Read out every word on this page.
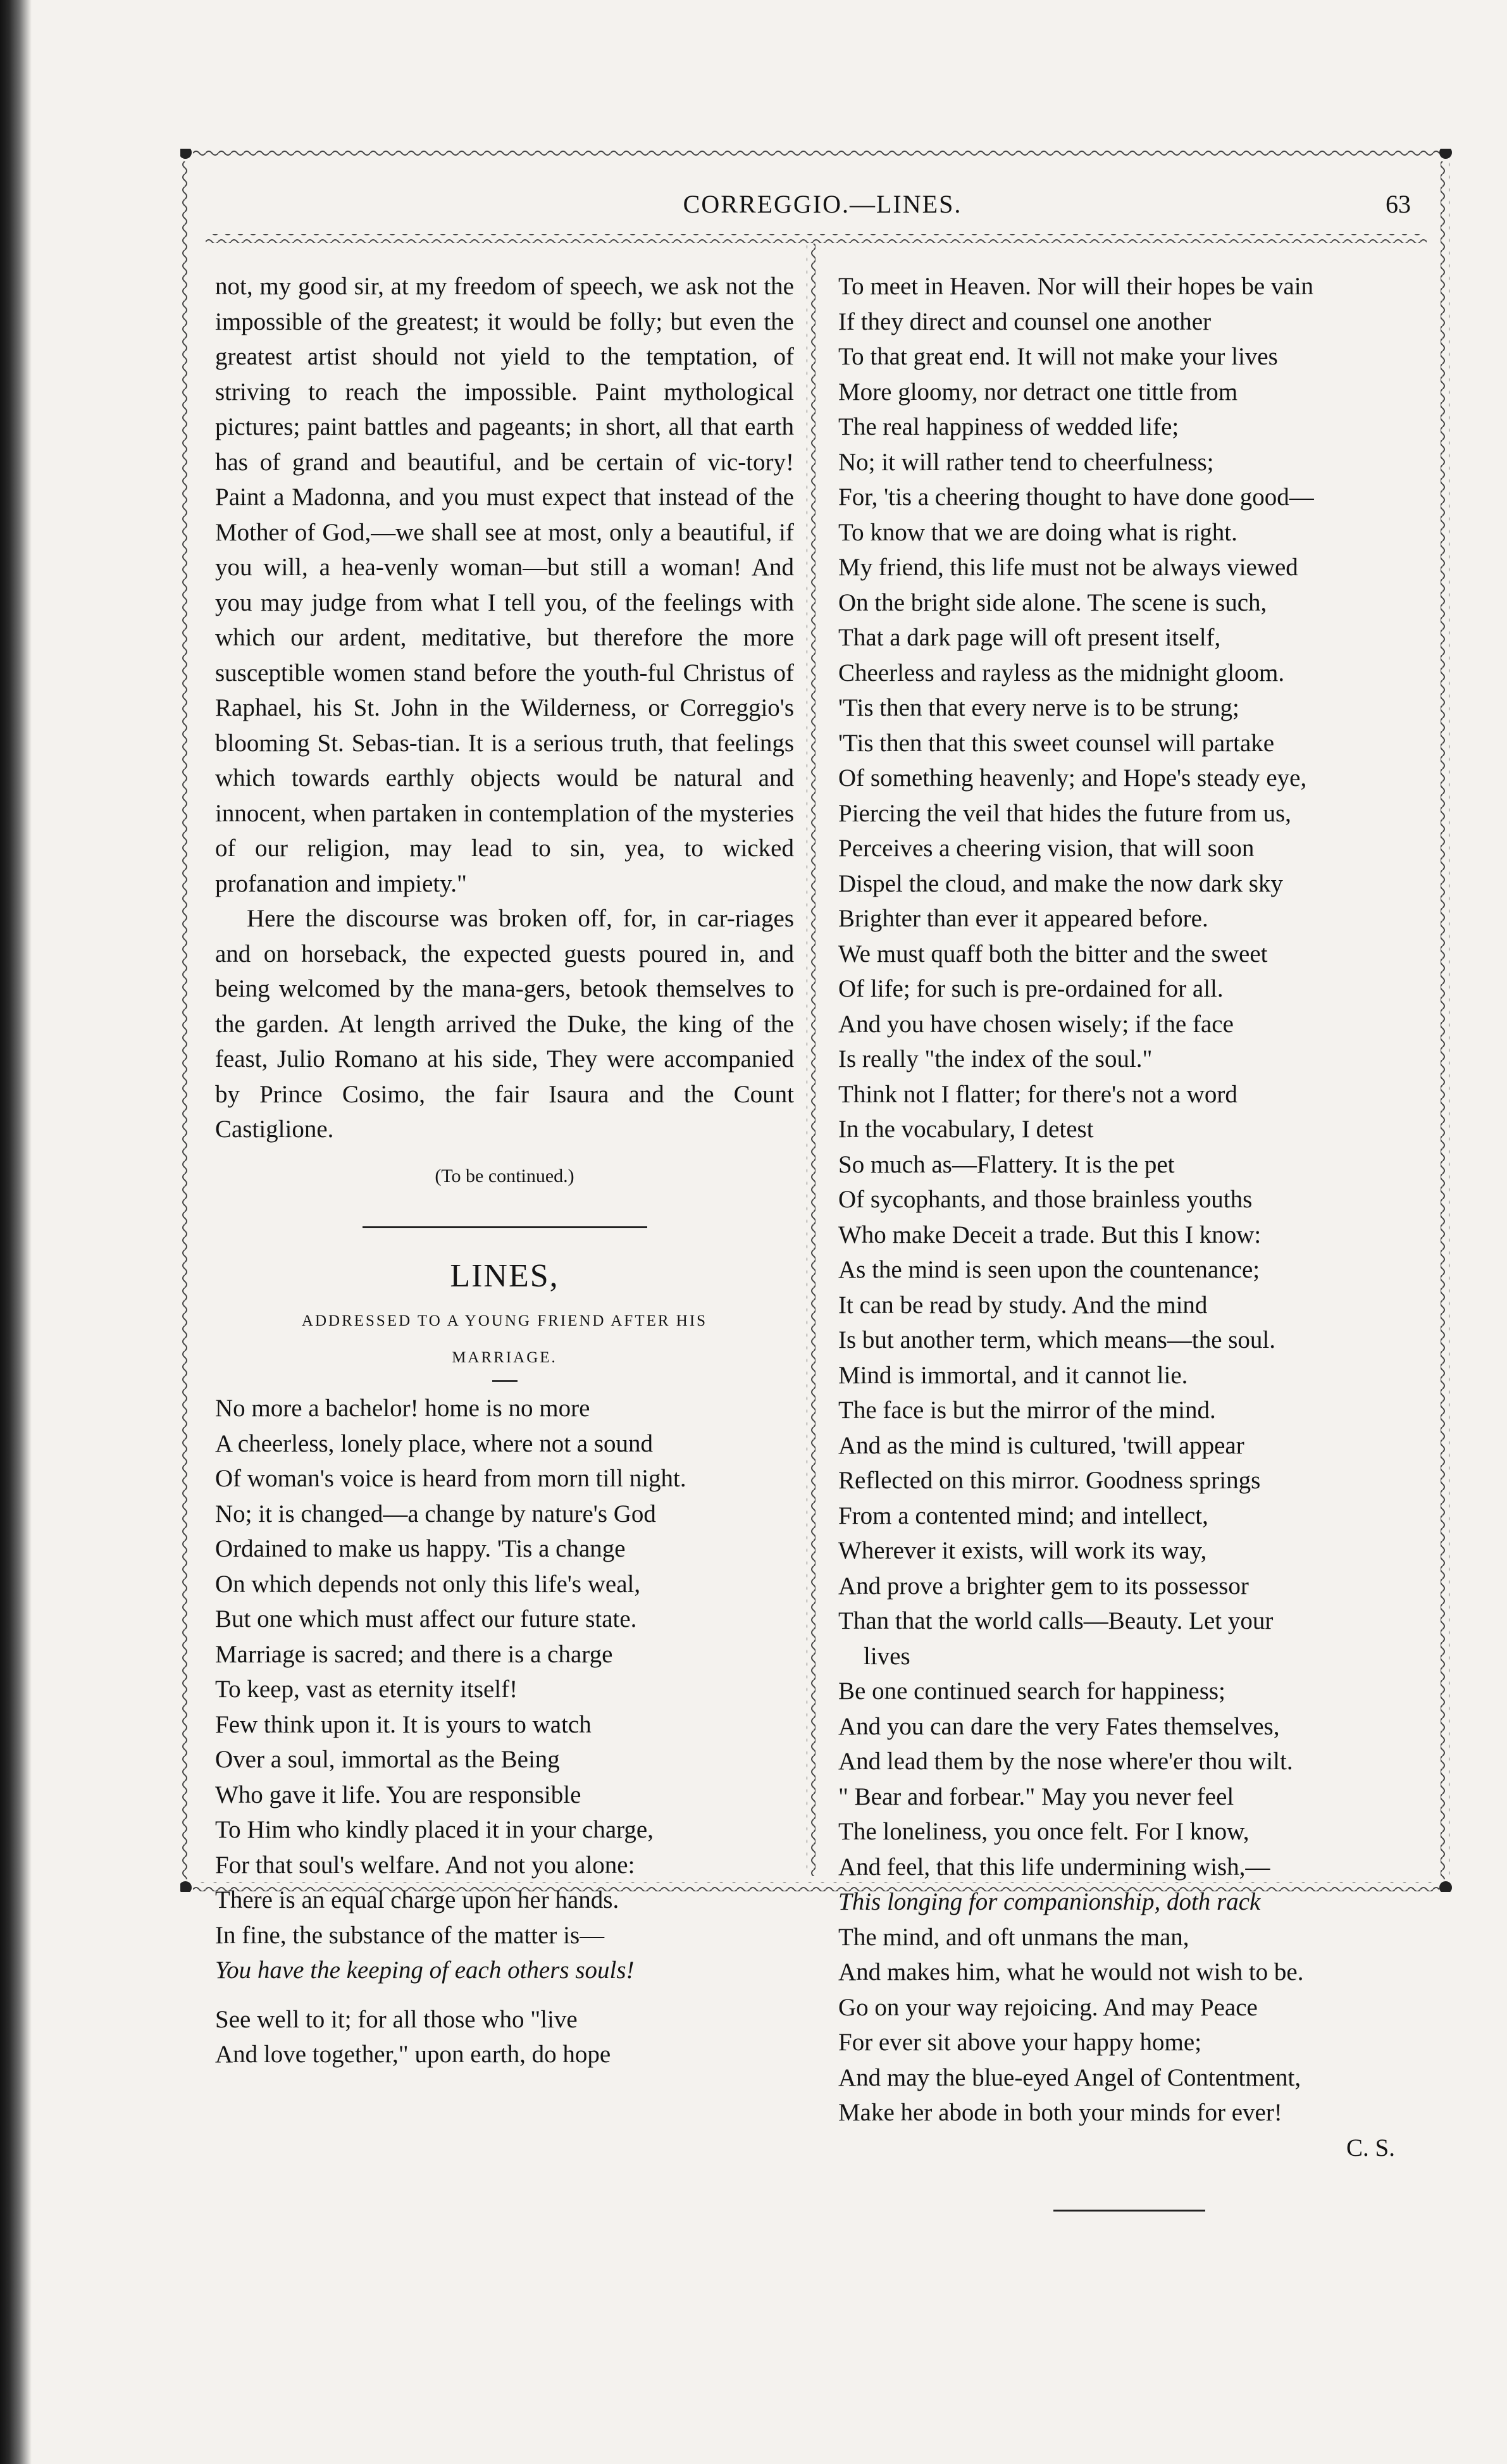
CORREGGIO.—LINES.	63

not, my good sir, at my freedom of speech, we ask not the impossible of the greatest; it would be folly; but even the greatest artist should not yield to the temptation, of striving to reach the impossible. Paint mythological pictures; paint battles and pageants; in short, all that earth has of grand and beautiful, and be certain of vic-tory! Paint a Madonna, and you must expect that instead of the Mother of God,—we shall see at most, only a beautiful, if you will, a hea-venly woman—but still a woman! And you may judge from what I tell you, of the feelings with which our ardent, meditative, but therefore the more susceptible women stand before the youth-ful Christus of Raphael, his St. John in the Wilderness, or Correggio's blooming St. Sebas-tian. It is a serious truth, that feelings which towards earthly objects would be natural and innocent, when partaken in contemplation of the mysteries of our religion, may lead to sin, yea, to wicked profanation and impiety."

Here the discourse was broken off, for, in car-riages and on horseback, the expected guests poured in, and being welcomed by the mana-gers, betook themselves to the garden. At length arrived the Duke, the king of the feast, Julio Romano at his side, They were accompanied by Prince Cosimo, the fair Isaura and the Count Castiglione.

(To be continued.)
LINES,
ADDRESSED TO A YOUNG FRIEND AFTER HIS
MARRIAGE.
No more a bachelor! home is no more
A cheerless, lonely place, where not a sound
Of woman's voice is heard from morn till night.
No; it is changed—a change by nature's God
Ordained to make us happy. 'Tis a change
On which depends not only this life's weal,
But one which must affect our future state.
Marriage is sacred; and there is a charge
To keep, vast as eternity itself!
Few think upon it. It is yours to watch
Over a soul, immortal as the Being
Who gave it life. You are responsible
To Him who kindly placed it in your charge,
For that soul's welfare. And not you alone:
There is an equal charge upon her hands.
In fine, the substance of the matter is—
You have the keeping of each others souls!
See well to it; for all those who "live
And love together," upon earth, do hope
To meet in Heaven. Nor will their hopes be vain
If they direct and counsel one another
To that great end. It will not make your lives
More gloomy, nor detract one tittle from
The real happiness of wedded life;
No; it will rather tend to cheerfulness;
For, 'tis a cheering thought to have done good—
To know that we are doing what is right.
My friend, this life must not be always viewed
On the bright side alone. The scene is such,
That a dark page will oft present itself,
Cheerless and rayless as the midnight gloom.
'Tis then that every nerve is to be strung;
'Tis then that this sweet counsel will partake
Of something heavenly; and Hope's steady eye,
Piercing the veil that hides the future from us,
Perceives a cheering vision, that will soon
Dispel the cloud, and make the now dark sky
Brighter than ever it appeared before.
We must quaff both the bitter and the sweet
Of life; for such is pre-ordained for all.
And you have chosen wisely; if the face
Is really "the index of the soul."
Think not I flatter; for there's not a word
In the vocabulary, I detest
So much as—Flattery. It is the pet
Of sycophants, and those brainless youths
Who make Deceit a trade. But this I know:
As the mind is seen upon the countenance;
It can be read by study. And the mind
Is but another term, which means—the soul.
Mind is immortal, and it cannot lie.
The face is but the mirror of the mind.
And as the mind is cultured, 'twill appear
Reflected on this mirror. Goodness springs
From a contented mind; and intellect,
Wherever it exists, will work its way,
And prove a brighter gem to its possessor
Than that the world calls—Beauty. Let your
lives
Be one continued search for happiness;
And you can dare the very Fates themselves,
And lead them by the nose where'er thou wilt.
" Bear and forbear." May you never feel
The loneliness, you once felt. For I know,
And feel, that this life undermining wish,—
This longing for companionship, doth rack
The mind, and oft unmans the man,
And makes him, what he would not wish to be.
Go on your way rejoicing. And may Peace
For ever sit above your happy home;
And may the blue-eyed Angel of Contentment,
Make her abode in both your minds for ever!
C. S.
